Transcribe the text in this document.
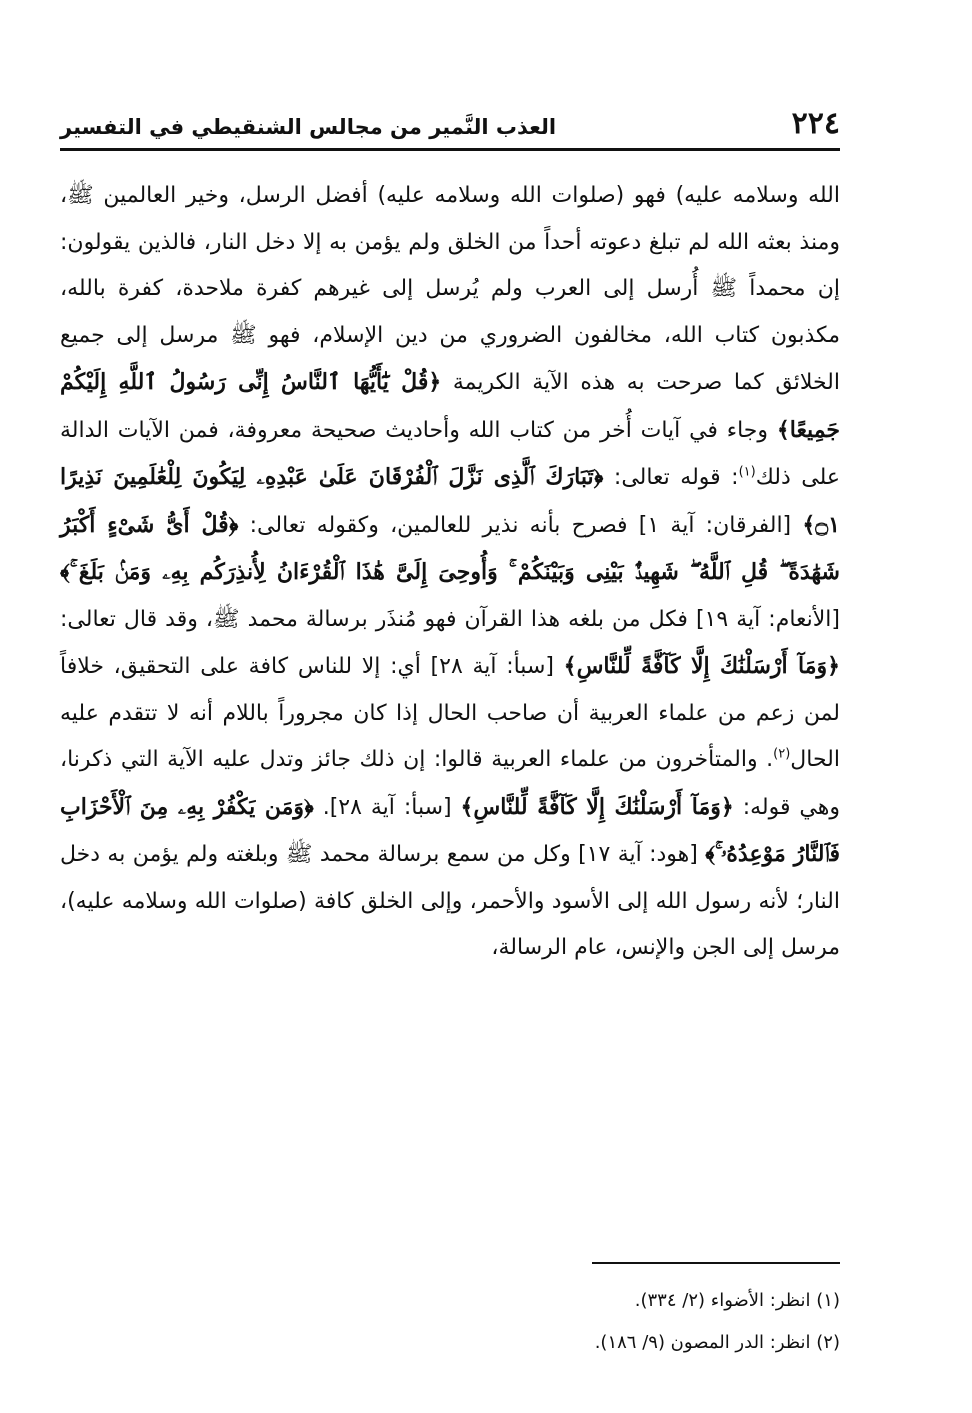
٢٢٤
العذب النَّمير من مجالس الشنقيطي في التفسير

الله وسلامه عليه) فهو (صلوات الله وسلامه عليه) أفضل الرسل، وخير العالمين ﷺ، ومنذ بعثه الله لم تبلغ دعوته أحداً من الخلق ولم يؤمن به إلا دخل النار، فالذين يقولون: إن محمداً ﷺ أُرسل إلى العرب ولم يُرسل إلى غيرهم كفرة ملاحدة، كفرة بالله، مكذبون كتاب الله، مخالفون الضروري من دين الإسلام، فهو ﷺ مرسل إلى جميع الخلائق كما صرحت به هذه الآية الكريمة ﴿قُلْ يَٰٓأَيُّهَا ٱلنَّاسُ إِنِّى رَسُولُ ٱللَّهِ إِلَيْكُمْ جَمِيعًا﴾ وجاء في آيات أُخر من كتاب الله وأحاديث صحيحة معروفة، فمن الآيات الدالة على ذلك$^{(١)}$: قوله تعالى: ﴿تَبَارَكَ ٱلَّذِى نَزَّلَ ٱلْفُرْقَانَ عَلَىٰ عَبْدِهِۦ لِيَكُونَ لِلْعَٰلَمِينَ نَذِيرًا ۝١﴾ [الفرقان: آية ١] فصرح بأنه نذير للعالمين، وكقوله تعالى: ﴿قُلْ أَىُّ شَىْءٍ أَكْبَرُ شَهَٰدَةً ۖ قُلِ ٱللَّهُ ۖ شَهِيدٌۢ بَيْنِى وَبَيْنَكُمْ ۚ وَأُوحِىَ إِلَىَّ هَٰذَا ٱلْقُرْءَانُ لِأُنذِرَكُم بِهِۦ وَمَنۢ بَلَغَ ۚ﴾ [الأنعام: آية ١٩] فكل من بلغه هذا القرآن فهو مُنذَر برسالة محمد ﷺ، وقد قال تعالى: ﴿وَمَآ أَرْسَلْنَٰكَ إِلَّا كَآفَّةً لِّلنَّاسِ﴾ [سبأ: آية ٢٨] أي: إلا للناس كافة على التحقيق، خلافاً لمن زعم من علماء العربية أن صاحب الحال إذا كان مجروراً باللام أنه لا تتقدم عليه الحال$^{(٢)}$. والمتأخرون من علماء العربية قالوا: إن ذلك جائز وتدل عليه الآية التي ذكرنا، وهي قوله: ﴿وَمَآ أَرْسَلْنَٰكَ إِلَّا كَآفَّةً لِّلنَّاسِ﴾ [سبأ: آية ٢٨]. ﴿وَمَن يَكْفُرْ بِهِۦ مِنَ ٱلْأَحْزَابِ فَٱلنَّارُ مَوْعِدُهُۥ ۚ﴾ [هود: آية ١٧] وكل من سمع برسالة محمد ﷺ وبلغته ولم يؤمن به دخل النار؛ لأنه رسول الله إلى الأسود والأحمر، وإلى الخلق كافة (صلوات الله وسلامه عليه)، مرسل إلى الجن والإنس، عام الرسالة،

(١) انظر: الأضواء (٢/ ٣٣٤).

(٢) انظر: الدر المصون (٩/ ١٨٦).
